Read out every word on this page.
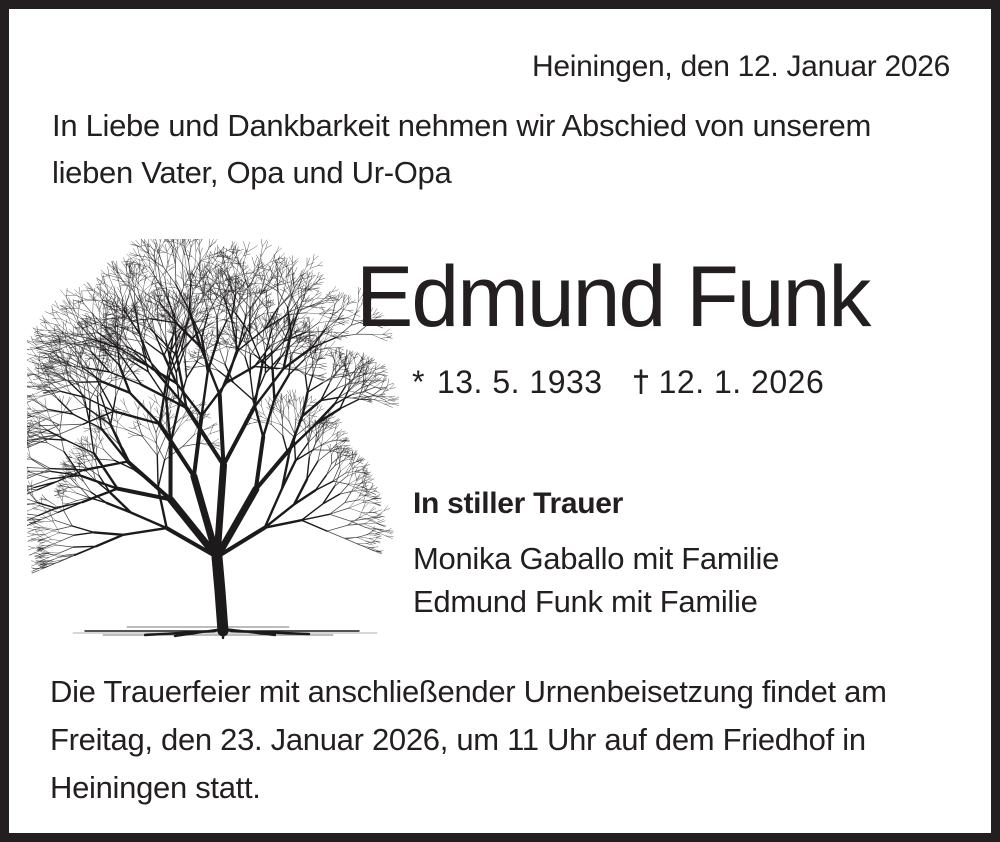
Heiningen, den 12. Januar 2026
In Liebe und Dankbarkeit nehmen wir Abschied von unserem
lieben Vater, Opa und Ur-Opa
Edmund Funk
* 13. 5. 1933 12. 1. 2026
In stiller Trauer
Monika Gaballo mit Familie
Edmund Funk mit Familie
Die Trauerfeier mit anschließender Urnenbeisetzung findet am
Freitag, den 23. Januar 2026, um 11 Uhr auf dem Friedhof in
Heiningen statt.
